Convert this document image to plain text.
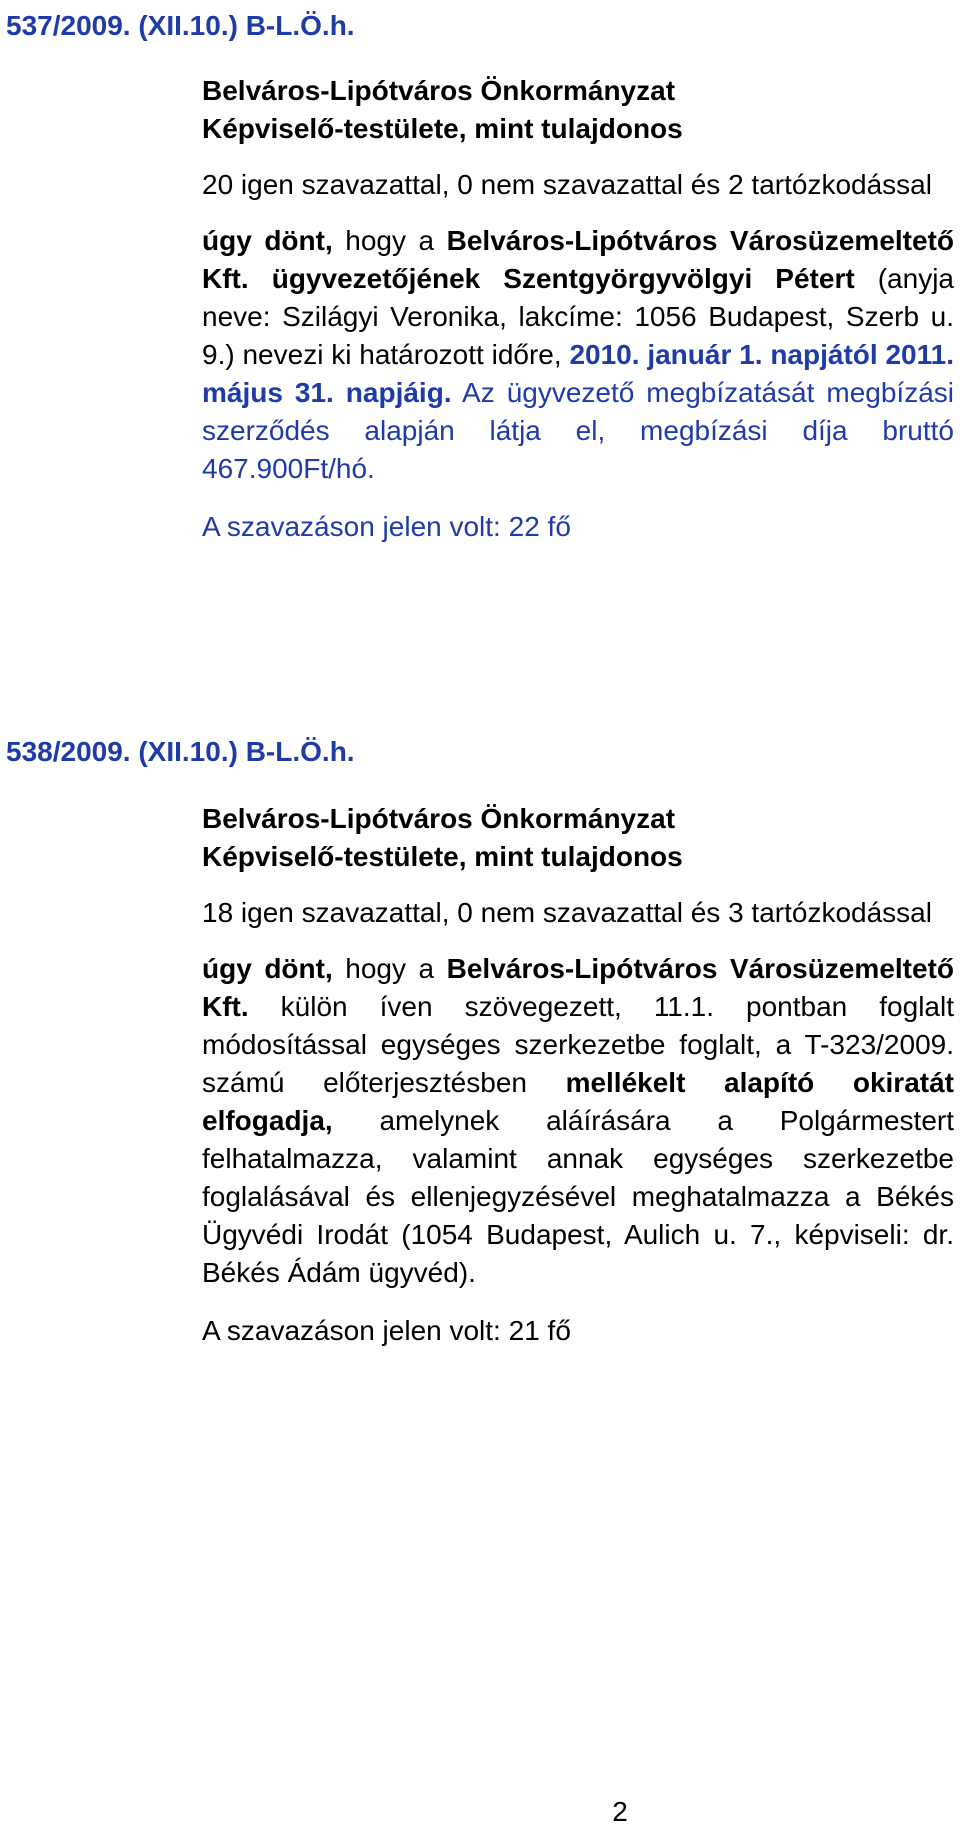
537/2009. (XII.10.) B-L.Ö.h.
Belváros-Lipótváros Önkormányzat
Képviselő-testülete, mint tulajdonos

20 igen szavazattal, 0 nem szavazattal és 2 tartózkodással

úgy dönt, hogy a Belváros-Lipótváros Városüzemeltető Kft. ügyvezetőjének Szentgyörgyvölgyi Pétert (anyja neve: Szilágyi Veronika, lakcíme: 1056 Budapest, Szerb u. 9.) nevezi ki határozott időre, 2010. január 1. napjától 2011. május 31. napjáig. Az ügyvezető megbízatását megbízási szerződés alapján látja el, megbízási díja bruttó 467.900Ft/hó.

A szavazáson jelen volt: 22 fő

538/2009. (XII.10.) B-L.Ö.h.
Belváros-Lipótváros Önkormányzat
Képviselő-testülete, mint tulajdonos

18 igen szavazattal, 0 nem szavazattal és 3 tartózkodással

úgy dönt, hogy a Belváros-Lipótváros Városüzemeltető Kft. külön íven szövegezett, 11.1. pontban foglalt módosítással egységes szerkezetbe foglalt, a T-323/2009. számú előterjesztésben mellékelt alapító okiratát elfogadja, amelynek aláírására a Polgármestert felhatalmazza, valamint annak egységes szerkezetbe foglalásával és ellenjegyzésével meghatalmazza a Békés Ügyvédi Irodát (1054 Budapest, Aulich u. 7., képviseli: dr. Békés Ádám ügyvéd).

A szavazáson jelen volt: 21 fő

2
